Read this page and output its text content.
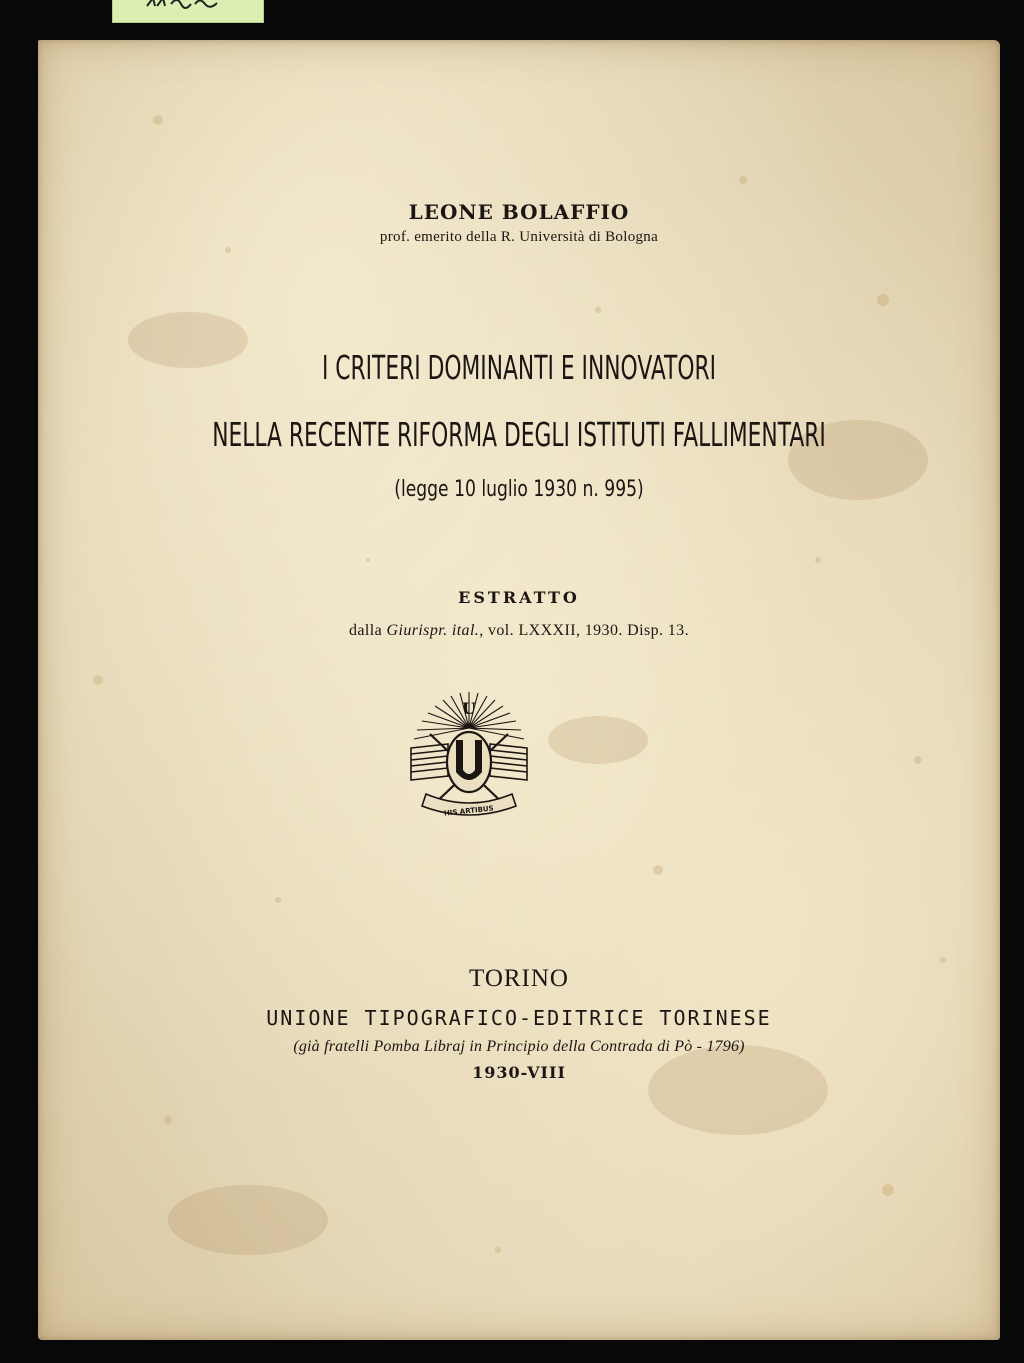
LEONE BOLAFFIO
prof. emerito della R. Università di Bologna
I CRITERI DOMINANTI E INNOVATORI
NELLA RECENTE RIFORMA DEGLI ISTITUTI FALLIMENTARI
(legge 10 luglio 1930 n. 995)
ESTRATTO
dalla Giurispr. ital., vol. LXXXII, 1930. Disp. 13.
U
HIS ARTIBUS
TORINO
UNIONE TIPOGRAFICO-EDITRICE TORINESE
(già fratelli Pomba Libraj in Principio della Contrada di Pò - 1796)
1930-VIII
